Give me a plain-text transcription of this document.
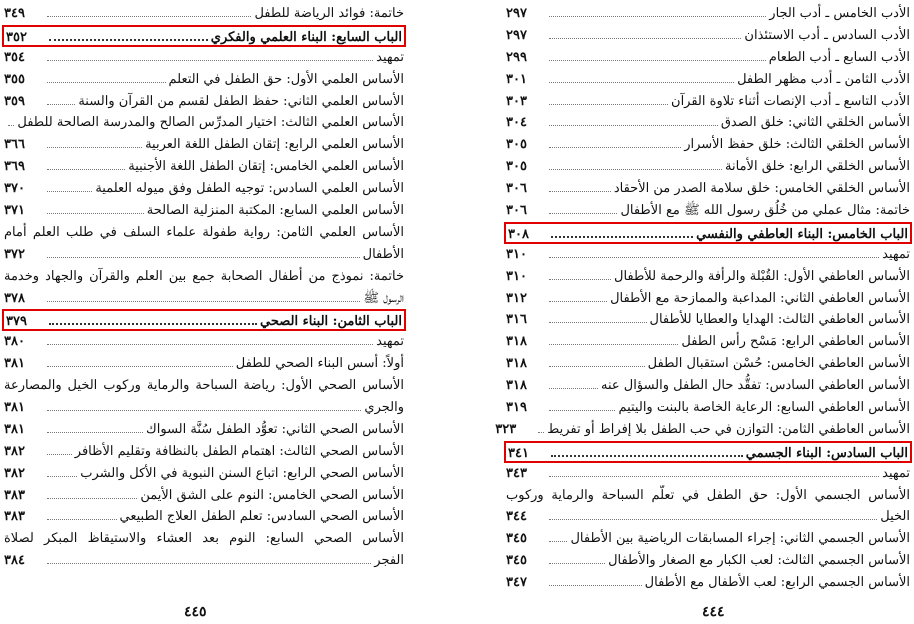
خاتمة: فوائد الرياضة للطفل
٣٤٩
الباب السابع: البناء العلمي والفكري
٣٥٢
تمهيد
٣٥٤
الأساس العلمي الأول: حق الطفل في التعلم
٣٥٥
الأساس العلمي الثاني: حفظ الطفل لقسم من القرآن والسنة
٣٥٩
الأساس العلمي الثالث: اختيار المدرِّس الصالح والمدرسة الصالحة للطفل
الأساس العلمي الرابع: إتقان الطفل اللغة العربية
٣٦٦
الأساس العلمي الخامس: إتقان الطفل اللغة الأجنبية
٣٦٩
الأساس العلمي السادس: توجيه الطفل وفق ميوله العلمية
٣٧٠
الأساس العلمي السابع: المكتبة المنزلية الصالحة
٣٧١
الأساس العلمي الثامن: رواية طفولة علماء السلف في طلب العلم أمام
الأطفال
٣٧٢
خاتمة: نموذج من أطفال الصحابة جمع بين العلم والقرآن والجهاد وخدمة
الرسول ﷺ
٣٧٨
الباب الثامن: البناء الصحي
٣٧٩
تمهيد
٣٨٠
أولاً: أسس البناء الصحي للطفل
٣٨١
الأساس الصحي الأول: رياضة السباحة والرماية وركوب الخيل والمصارعة
والجري
٣٨١
الأساس الصحي الثاني: تعوُّد الطفل سُنَّة السواك
٣٨١
الأساس الصحي الثالث: اهتمام الطفل بالنظافة وتقليم الأظافر
٣٨٢
الأساس الصحي الرابع: اتباع السنن النبوية في الأكل والشرب
٣٨٢
الأساس الصحي الخامس: النوم على الشق الأيمن
٣٨٣
الأساس الصحي السادس: تعلم الطفل العلاج الطبيعي
٣٨٣
الأساس الصحي السابع: النوم بعد العشاء والاستيقاظ المبكر لصلاة
الفجر
٣٨٤
٤٤٥
الأدب الخامس ـ أدب الجار
٢٩٧
الأدب السادس ـ أدب الاستئذان
٢٩٧
الأدب السابع ـ أدب الطعام
٢٩٩
الأدب الثامن ـ أدب مظهر الطفل
٣٠١
الأدب التاسع ـ أدب الإنصات أثناء تلاوة القرآن
٣٠٣
الأساس الخلقي الثاني: خلق الصدق
٣٠٤
الأساس الخلقي الثالث: خلق حفظ الأسرار
٣٠٥
الأساس الخلقي الرابع: خلق الأمانة
٣٠٥
الأساس الخلقي الخامس: خلق سلامة الصدر من الأحقاد
٣٠٦
خاتمة: مثال عملي من خُلُق رسول الله ﷺ مع الأطفال
٣٠٦
الباب الخامس: البناء العاطفي والنفسي
٣٠٨
تمهيد
٣١٠
الأساس العاطفي الأول: القُبْلة والرأفة والرحمة للأطفال
٣١٠
الأساس العاطفي الثاني: المداعبة والممازحة مع الأطفال
٣١٢
الأساس العاطفي الثالث: الهدايا والعطايا للأطفال
٣١٦
الأساس العاطفي الرابع: مَسْح رأس الطفل
٣١٨
الأساس العاطفي الخامس: حُسْن استقبال الطفل
٣١٨
الأساس العاطفي السادس: تفقُّد حال الطفل والسؤال عنه
٣١٨
الأساس العاطفي السابع: الرعاية الخاصة بالبنت واليتيم
٣١٩
الأساس العاطفي الثامن: التوازن في حب الطفل بلا إفراط أو تفريط
٣٢٣
الباب السادس: البناء الجسمي
٣٤١
تمهيد
٣٤٣
الأساس الجسمي الأول: حق الطفل في تعلُّم السباحة والرماية وركوب
الخيل
٣٤٤
الأساس الجسمي الثاني: إجراء المسابقات الرياضية بين الأطفال
٣٤٥
الأساس الجسمي الثالث: لعب الكبار مع الصغار والأطفال
٣٤٥
الأساس الجسمي الرابع: لعب الأطفال مع الأطفال
٣٤٧
٤٤٤
